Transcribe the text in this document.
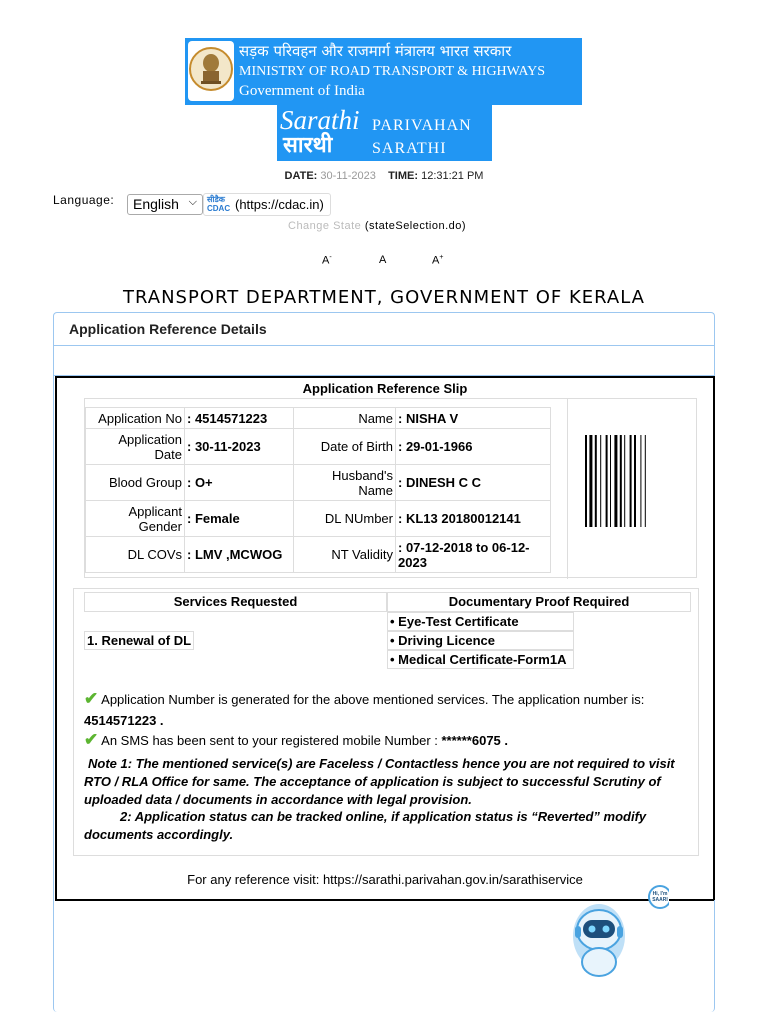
सड़क परिवहन और राजमार्ग मंत्रालय भारत सरकार
MINISTRY OF ROAD TRANSPORT & HIGHWAYS
Government of India
Sarathi
सारथी
PARIVAHAN
SARATHI
DATE: 30-11-2023 TIME: 12:31:21 PM
Language:	English ⌵ सीडैक
CDAC (https://cdac.in)
Change State (stateSelection.do)
A-	A	A+
TRANSPORT DEPARTMENT, GOVERNMENT OF KERALA
Application Reference Details
Application Reference Slip
Application No	: 4514571223	Name	: NISHA V
Application Date	: 30-11-2023	Date of Birth	: 29-01-1966
Blood Group	: O+	Husband's Name	: DINESH C C
Applicant Gender	: Female	DL NUmber	: KL13 20180012141
DL COVs	: LMV ,MCWOG	NT Validity	: 07-12-2018 to 06-12-2023
Services Requested	Documentary Proof Required
1. Renewal of DL
• Eye-Test Certificate
• Driving Licence
• Medical Certificate-Form1A
✔ Application Number is generated for the above mentioned services. The application number is:
4514571223 .
✔ An SMS has been sent to your registered mobile Number : ******6075 .
Note 1: The mentioned service(s) are Faceless / Contactless hence you are not required to visit RTO / RLA Office for same. The acceptance of application is subject to successful Scrutiny of uploaded data / documents in accordance with legal provision.
2: Application status can be tracked online, if application status is “Reverted” modify documents accordingly.
For any reference visit: https://sarathi.parivahan.gov.in/sarathiservice
Hi, I'm SAARI
